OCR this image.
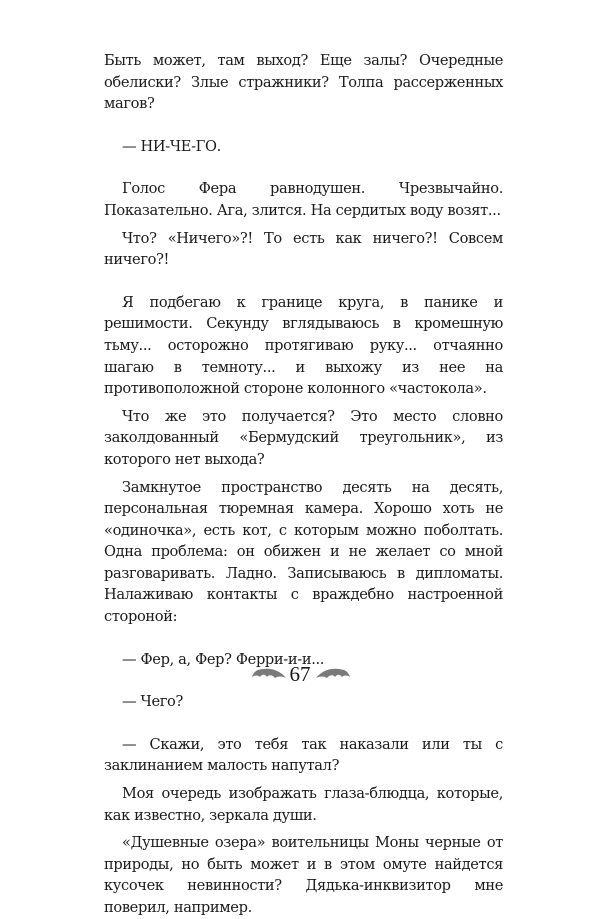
Быть может, там выход? Еще залы? Очередные обелиски? Злые стражники? Толпа рассерженных магов?

— НИ-ЧЕ-ГО.

Голос Фера равнодушен. Чрезвычайно. Показательно. Ага, злится. На сердитых воду возят...

Что? «Ничего»?! То есть как ничего?! Совсем ничего?!

Я подбегаю к границе круга, в панике и решимости. Секунду вглядываюсь в кромешную тьму... осторожно протягиваю руку... отчаянно шагаю в темноту... и выхожу из нее на противоположной стороне колонного «частокола».

Что же это получается? Это место словно заколдованный «Бермудский треугольник», из которого нет выхода?

Замкнутое пространство десять на десять, персональная тюремная камера. Хорошо хоть не «одиночка», есть кот, с которым можно поболтать. Одна проблема: он обижен и не желает со мной разговаривать. Ладно. Записываюсь в дипломаты. Налаживаю контакты с враждебно настроенной стороной:

— Фер, а, Фер? Ферри-и-и...

— Чего?

— Скажи, это тебя так наказали или ты с заклинанием малость напутал?

Моя очередь изображать глаза-блюдца, которые, как известно, зеркала души.

«Душевные озера» воительницы Моны черные от природы, но быть может и в этом омуте найдется кусочек невинности? Дядька-инквизитор мне поверил, например.

67
